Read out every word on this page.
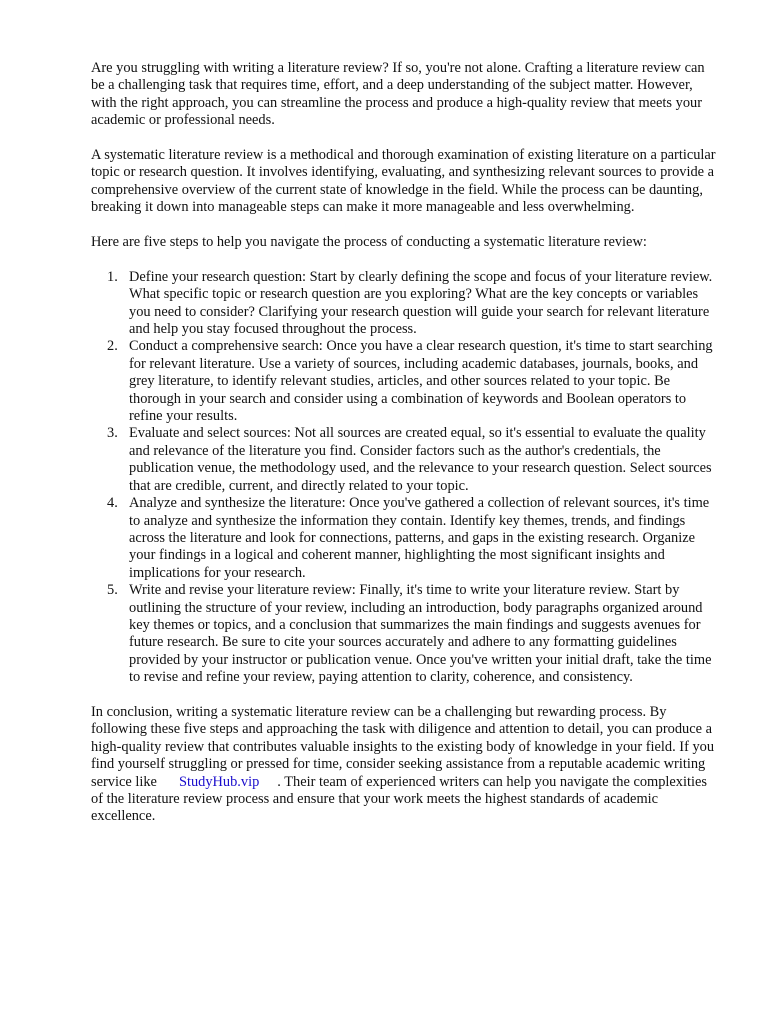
Are you struggling with writing a literature review? If so, you're not alone. Crafting a literature review can be a challenging task that requires time, effort, and a deep understanding of the subject matter. However, with the right approach, you can streamline the process and produce a high-quality review that meets your academic or professional needs.

A systematic literature review is a methodical and thorough examination of existing literature on a particular topic or research question. It involves identifying, evaluating, and synthesizing relevant sources to provide a comprehensive overview of the current state of knowledge in the field. While the process can be daunting, breaking it down into manageable steps can make it more manageable and less overwhelming.

Here are five steps to help you navigate the process of conducting a systematic literature review:

1. Define your research question: Start by clearly defining the scope and focus of your literature review. What specific topic or research question are you exploring? What are the key concepts or variables you need to consider? Clarifying your research question will guide your search for relevant literature and help you stay focused throughout the process.
2. Conduct a comprehensive search: Once you have a clear research question, it's time to start searching for relevant literature. Use a variety of sources, including academic databases, journals, books, and grey literature, to identify relevant studies, articles, and other sources related to your topic. Be thorough in your search and consider using a combination of keywords and Boolean operators to refine your results.
3. Evaluate and select sources: Not all sources are created equal, so it's essential to evaluate the quality and relevance of the literature you find. Consider factors such as the author's credentials, the publication venue, the methodology used, and the relevance to your research question. Select sources that are credible, current, and directly related to your topic.
4. Analyze and synthesize the literature: Once you've gathered a collection of relevant sources, it's time to analyze and synthesize the information they contain. Identify key themes, trends, and findings across the literature and look for connections, patterns, and gaps in the existing research. Organize your findings in a logical and coherent manner, highlighting the most significant insights and implications for your research.
5. Write and revise your literature review: Finally, it's time to write your literature review. Start by outlining the structure of your review, including an introduction, body paragraphs organized around key themes or topics, and a conclusion that summarizes the main findings and suggests avenues for future research. Be sure to cite your sources accurately and adhere to any formatting guidelines provided by your instructor or publication venue. Once you've written your initial draft, take the time to revise and refine your review, paying attention to clarity, coherence, and consistency.

In conclusion, writing a systematic literature review can be a challenging but rewarding process. By following these five steps and approaching the task with diligence and attention to detail, you can produce a high-quality review that contributes valuable insights to the existing body of knowledge in your field. If you find yourself struggling or pressed for time, consider seeking assistance from a reputable academic writing service like StudyHub.vip . Their team of experienced writers can help you navigate the complexities of the literature review process and ensure that your work meets the highest standards of academic excellence.
